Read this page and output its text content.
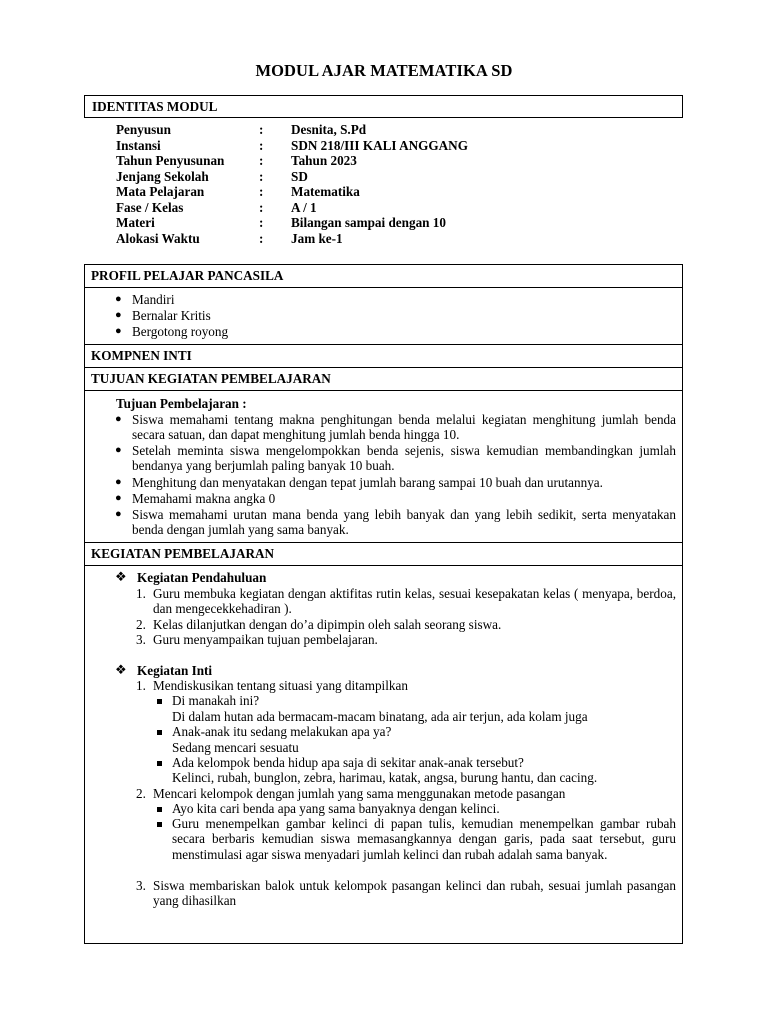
MODUL AJAR MATEMATIKA SD
IDENTITAS MODUL
Penyusun	: Desnita, S.Pd
Instansi	: SDN 218/III KALI ANGGANG
Tahun Penyusunan	: Tahun 2023
Jenjang Sekolah	: SD
Mata Pelajaran	: Matematika
Fase / Kelas	: A / 1
Materi	: Bilangan sampai dengan 10
Alokasi Waktu	: Jam ke-1
PROFIL PELAJAR PANCASILA
● Mandiri
● Bernalar Kritis
● Bergotong royong
KOMPNEN INTI
TUJUAN KEGIATAN PEMBELAJARAN
Tujuan Pembelajaran :
● Siswa memahami tentang makna penghitungan benda melalui kegiatan menghitung jumlah benda secara satuan, dan dapat menghitung jumlah benda hingga 10.
● Setelah meminta siswa mengelompokkan benda sejenis, siswa kemudian membandingkan jumlah bendanya yang berjumlah paling banyak 10 buah.
● Menghitung dan menyatakan dengan tepat jumlah barang sampai 10 buah dan urutannya.
● Memahami makna angka 0
● Siswa memahami urutan mana benda yang lebih banyak dan yang lebih sedikit, serta menyatakan benda dengan jumlah yang sama banyak.
KEGIATAN PEMBELAJARAN
❖ Kegiatan Pendahuluan
1. Guru membuka kegiatan dengan aktifitas rutin kelas, sesuai kesepakatan kelas ( menyapa, berdoa, dan mengecekkehadiran ).
2. Kelas dilanjutkan dengan do’a dipimpin oleh salah seorang siswa.
3. Guru menyampaikan tujuan pembelajaran.
❖ Kegiatan Inti
1. Mendiskusikan tentang situasi yang ditampilkan
Di manakah ini?
Di dalam hutan ada bermacam-macam binatang, ada air terjun, ada kolam juga
Anak-anak itu sedang melakukan apa ya?
Sedang mencari sesuatu
Ada kelompok benda hidup apa saja di sekitar anak-anak tersebut?
Kelinci, rubah, bunglon, zebra, harimau, katak, angsa, burung hantu, dan cacing.
2. Mencari kelompok dengan jumlah yang sama menggunakan metode pasangan
Ayo kita cari benda apa yang sama banyaknya dengan kelinci.
Guru menempelkan gambar kelinci di papan tulis, kemudian menempelkan gambar rubah secara berbaris kemudian siswa memasangkannya dengan garis, pada saat tersebut, guru menstimulasi agar siswa menyadari jumlah kelinci dan rubah adalah sama banyak.
3. Siswa membariskan balok untuk kelompok pasangan kelinci dan rubah, sesuai jumlah pasangan yang dihasilkan
